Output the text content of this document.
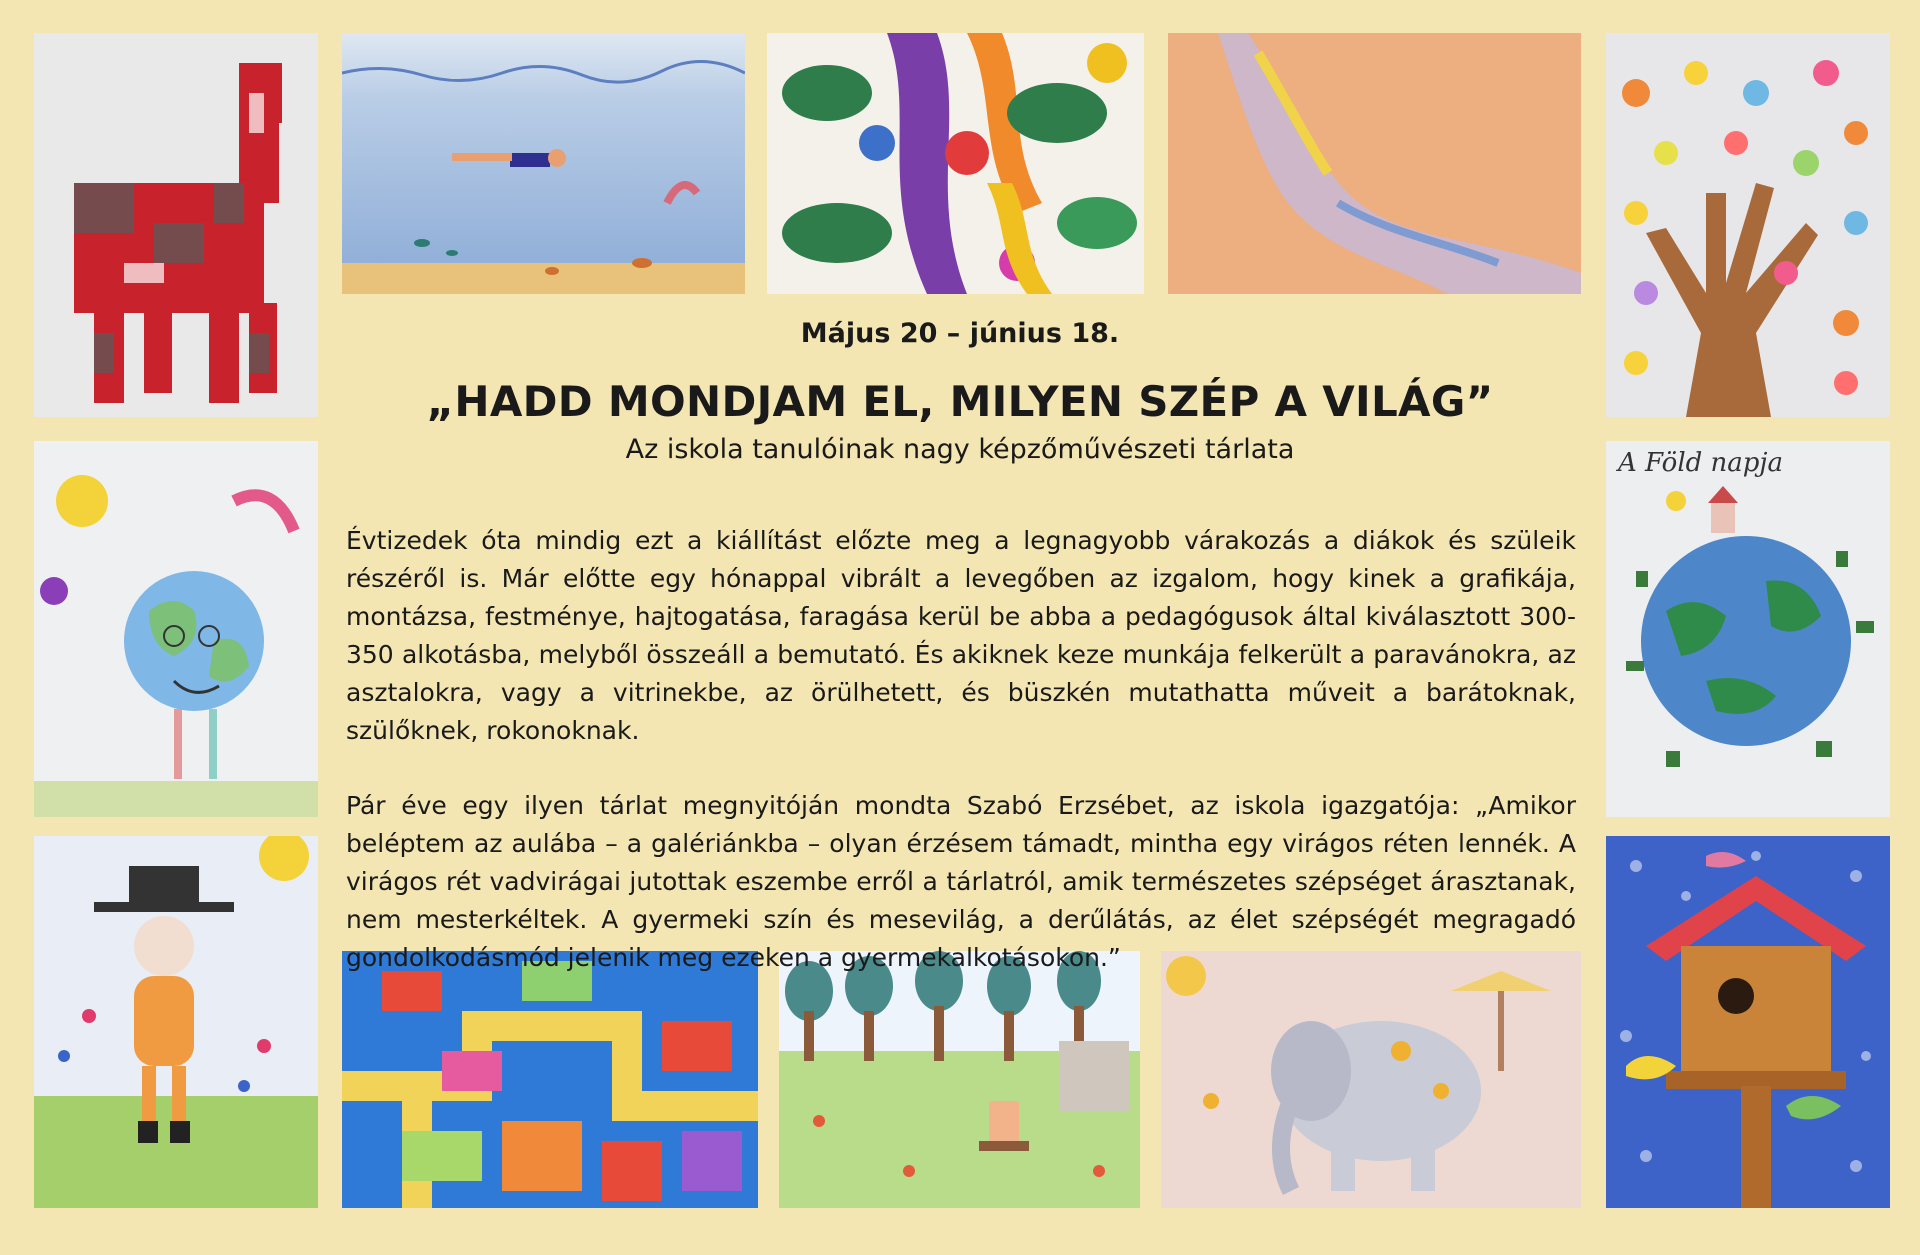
A Föld napja

Május 20 – június 18.

„HADD MONDJAM EL, MILYEN SZÉP A VILÁG”

Az iskola tanulóinak nagy képzőművészeti tárlata

Évtizedek óta mindig ezt a kiállítást előzte meg a legnagyobb várakozás a diákok és szüleik részéről is. Már előtte egy hónappal vibrált a levegőben az izgalom, hogy kinek a grafikája, montázsa, festménye, hajtogatása, faragása kerül be abba a pedagógusok által kiválasztott 300-350 alkotásba, melyből összeáll a bemutató. És akiknek keze munkája felkerült a paravánokra, az asztalokra, vagy a vitrinekbe, az örülhetett, és büszkén mutathatta műveit a barátoknak, szülőknek, rokonoknak.

Pár éve egy ilyen tárlat megnyitóján mondta Szabó Erzsébet, az iskola igazgatója: „Amikor beléptem az aulába – a galériánkba – olyan érzésem támadt, mintha egy virágos réten lennék. A virágos rét vadvirágai jutottak eszembe erről a tárlatról, amik természetes szépséget árasztanak, nem mesterkéltek. A gyermeki szín és mesevilág, a derűlátás, az élet szépségét megragadó gondolkodásmód jelenik meg ezeken a gyermekalkotásokon.”
